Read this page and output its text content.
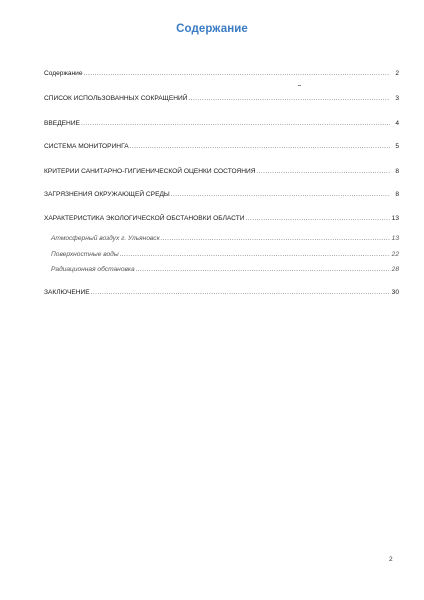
Содержание
Содержание .....	2
СПИСОК ИСПОЛЬЗОВАННЫХ СОКРАЩЕНИЙ .....	3
ВВЕДЕНИЕ .....	4
СИСТЕМА МОНИТОРИНГА .....	5
КРИТЕРИИ САНИТАРНО-ГИГИЕНИЧЕСКОЙ ОЦЕНКИ СОСТОЯНИЯ .....	8
ЗАГРЯЗНЕНИЯ ОКРУЖАЮЩЕЙ СРЕДЫ .....	8
ХАРАКТЕРИСТИКА ЭКОЛОГИЧЕСКОЙ ОБСТАНОВКИ ОБЛАСТИ .....	13
Атмосферный воздух г. Ульяновск .....	13
Поверхностные воды .....	22
Радиационная обстановка .....	28
ЗАКЛЮЧЕНИЕ .....	30
2
